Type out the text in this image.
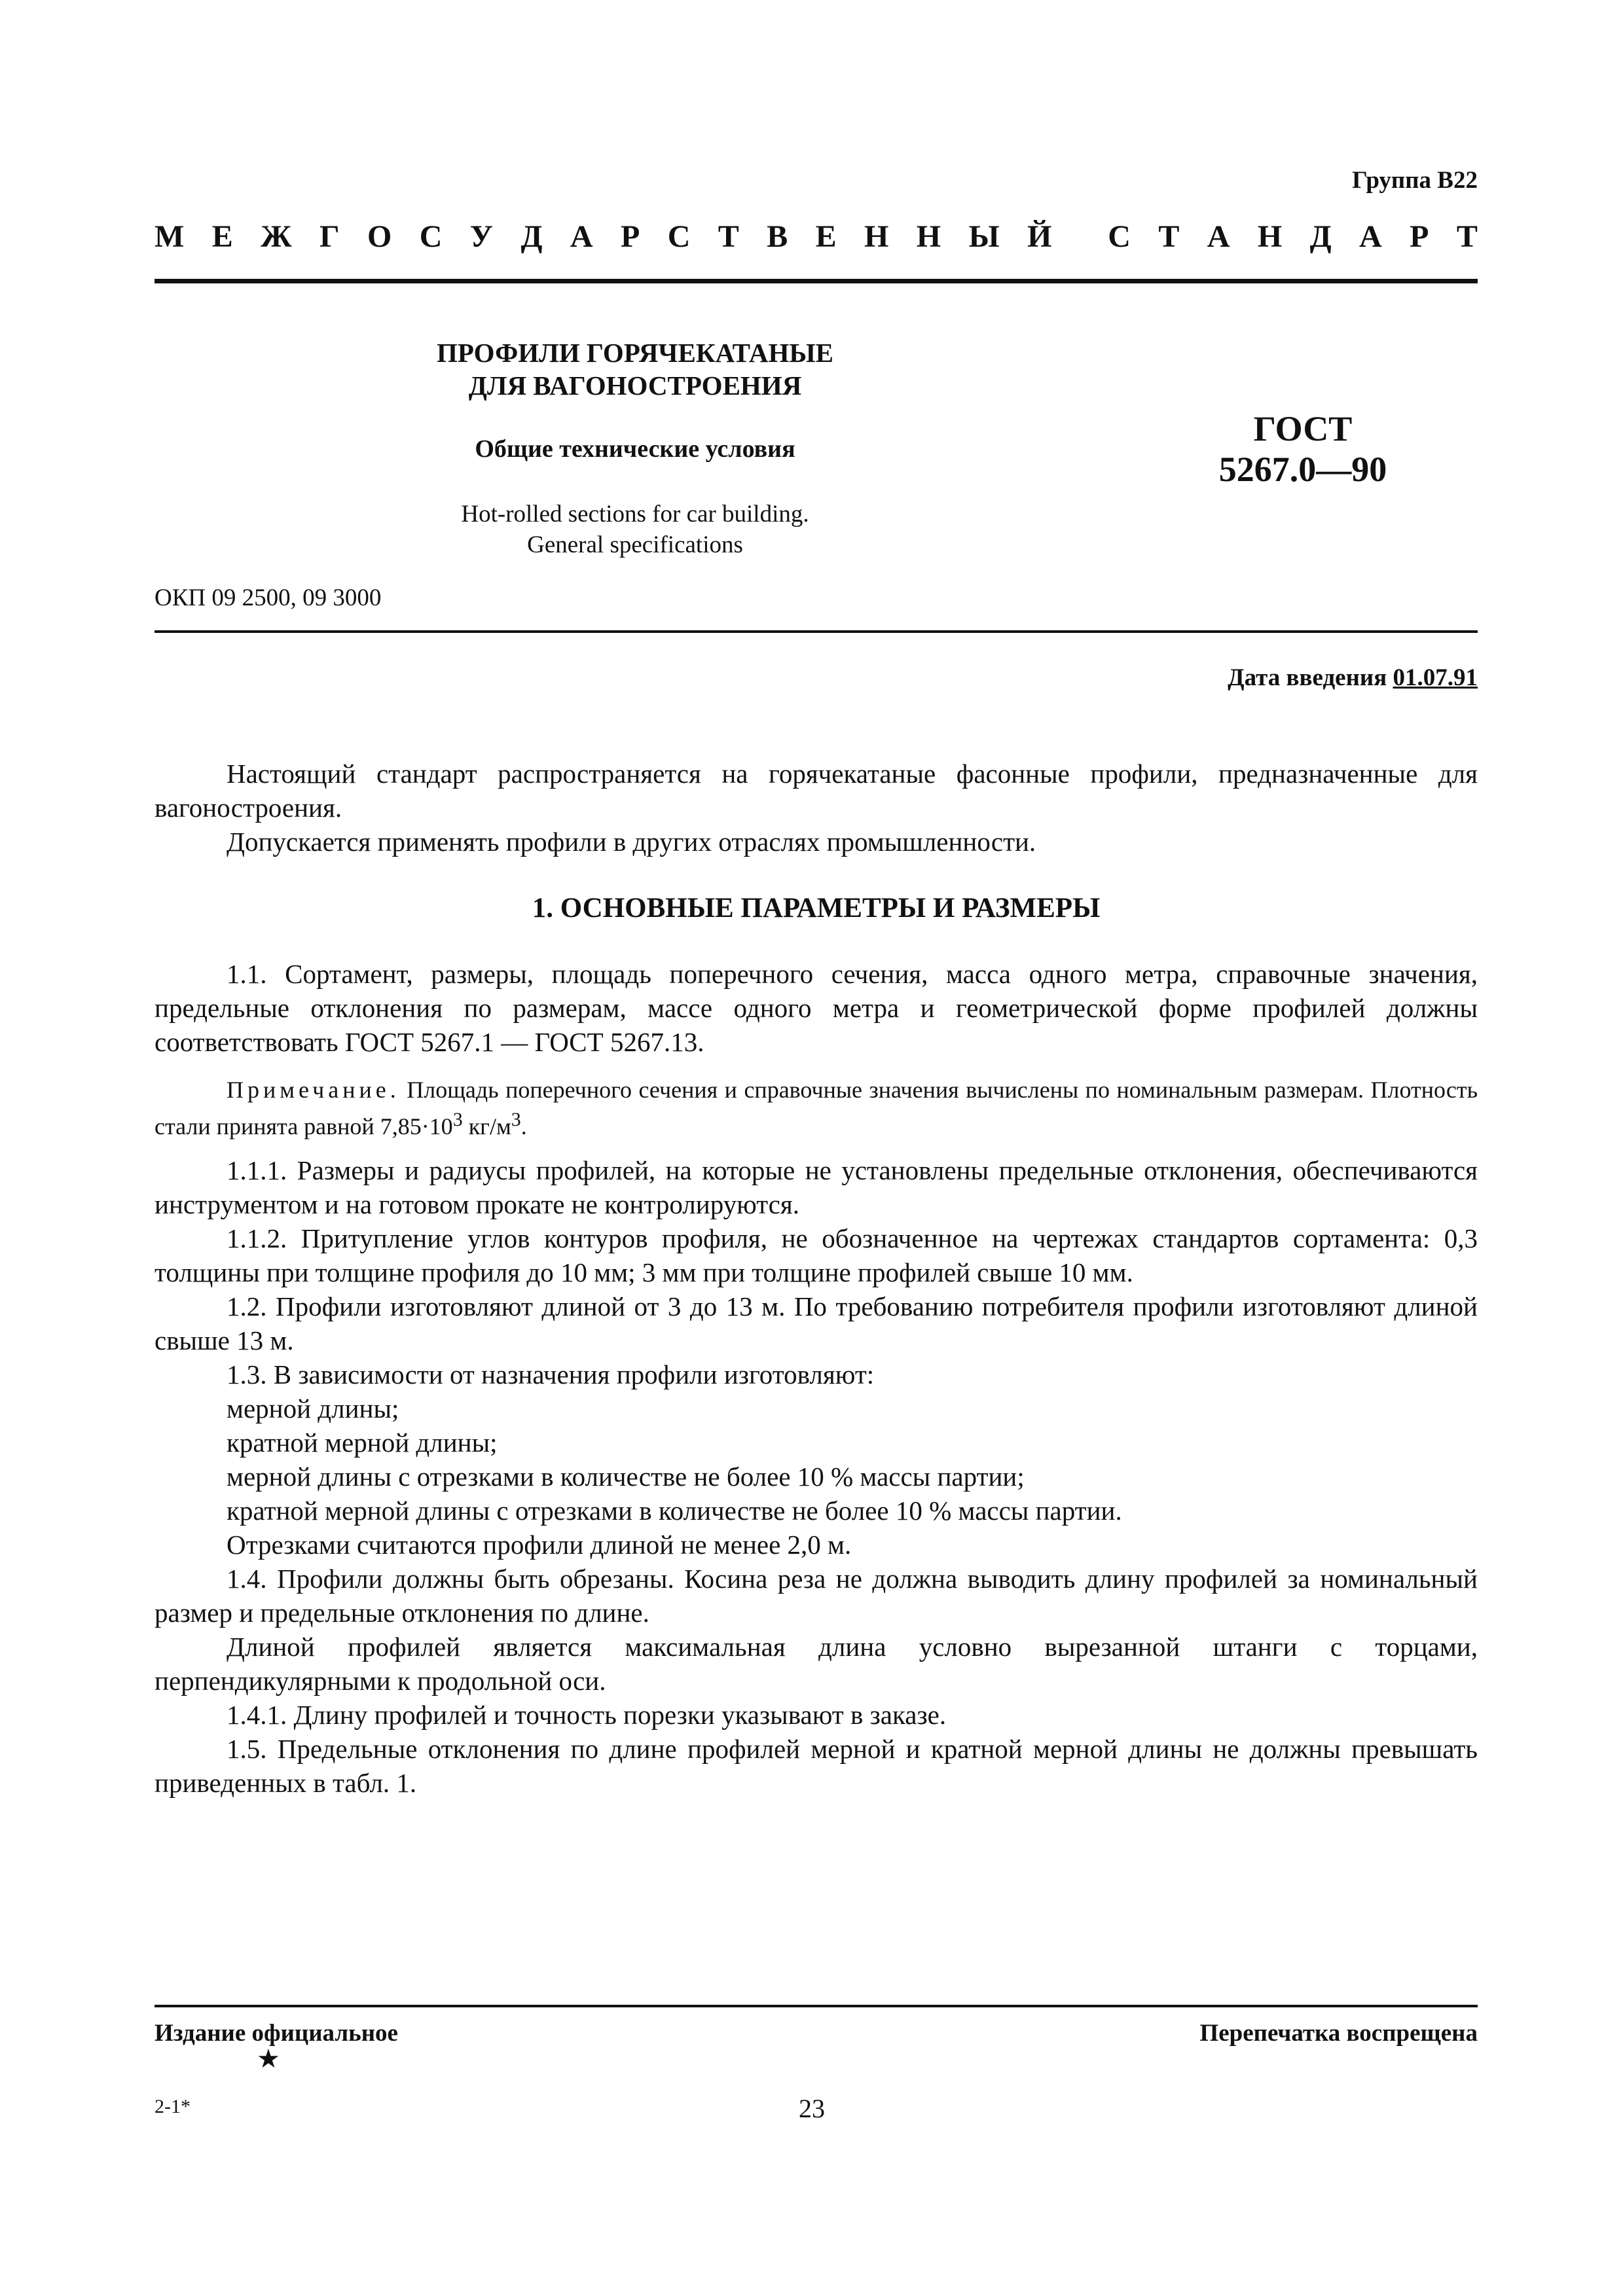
Группа В22
М Е Ж Г О С У Д А Р С Т В Е Н Н Ы Й С Т А Н Д А Р Т
ПРОФИЛИ ГОРЯЧЕКАТАНЫЕ
ДЛЯ ВАГОНОСТРОЕНИЯ
Общие технические условия
Hot-rolled sections for car building.
General specifications
ГОСТ
5267.0—90
ОКП 09 2500, 09 3000
Дата введения 01.07.91
Настоящий стандарт распространяется на горячекатаные фасонные профили, предназначенные для вагоностроения.
Допускается применять профили в других отраслях промышленности.
1. ОСНОВНЫЕ ПАРАМЕТРЫ И РАЗМЕРЫ
1.1. Сортамент, размеры, площадь поперечного сечения, масса одного метра, справочные значения, предельные отклонения по размерам, массе одного метра и геометрической форме профилей должны соответствовать ГОСТ 5267.1 — ГОСТ 5267.13.
Примечание. Площадь поперечного сечения и справочные значения вычислены по номинальным размерам. Плотность стали принята равной $7,85\cdot 10^3$ $кг/м^3$.
1.1.1. Размеры и радиусы профилей, на которые не установлены предельные отклонения, обеспечиваются инструментом и на готовом прокате не контролируются.
1.1.2. Притупление углов контуров профиля, не обозначенное на чертежах стандартов сортамента: 0,3 толщины при толщине профиля до 10 мм; 3 мм при толщине профилей свыше 10 мм.
1.2. Профили изготовляют длиной от 3 до 13 м. По требованию потребителя профили изготовляют длиной свыше 13 м.
1.3. В зависимости от назначения профили изготовляют:
мерной длины;
кратной мерной длины;
мерной длины с отрезками в количестве не более 10 % массы партии;
кратной мерной длины с отрезками в количестве не более 10 % массы партии.
Отрезками считаются профили длиной не менее 2,0 м.
1.4. Профили должны быть обрезаны. Косина реза не должна выводить длину профилей за номинальный размер и предельные отклонения по длине.
Длиной профилей является максимальная длина условно вырезанной штанги с торцами, перпендикулярными к продольной оси.
1.4.1. Длину профилей и точность порезки указывают в заказе.
1.5. Предельные отклонения по длине профилей мерной и кратной мерной длины не должны превышать приведенных в табл. 1.
Издание официальное
★
Перепечатка воспрещена
2-1*	23
